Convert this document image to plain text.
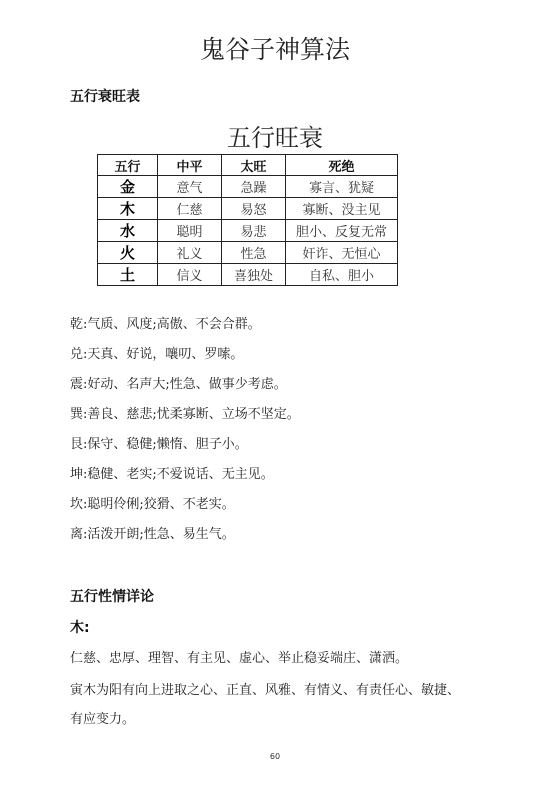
鬼谷子神算法
五行衰旺表
五行旺衰
五行	中平	太旺	死绝
金	意气	急躁	寡言、犹疑
木	仁慈	易怒	寡断、没主见
水	聪明	易悲	胆小、反复无常
火	礼义	性急	奸诈、无恒心
土	信义	喜独处	自私、胆小
乾:气质、风度;高傲、不会合群。
兑:天真、好说，嚷叨、罗嗦。
震:好动、名声大;性急、做事少考虑。
巽:善良、慈悲;忧柔寡断、立场不坚定。
艮:保守、稳健;懒惰、胆子小。
坤:稳健、老实;不爱说话、无主见。
坎:聪明伶俐;狡猾、不老实。
离:活泼开朗;性急、易生气。
五行性情详论
木:
仁慈、忠厚、理智、有主见、虚心、举止稳妥端庄、潇洒。
寅木为阳有向上进取之心、正直、风雅、有情义、有责任心、敏捷、
有应变力。
60
